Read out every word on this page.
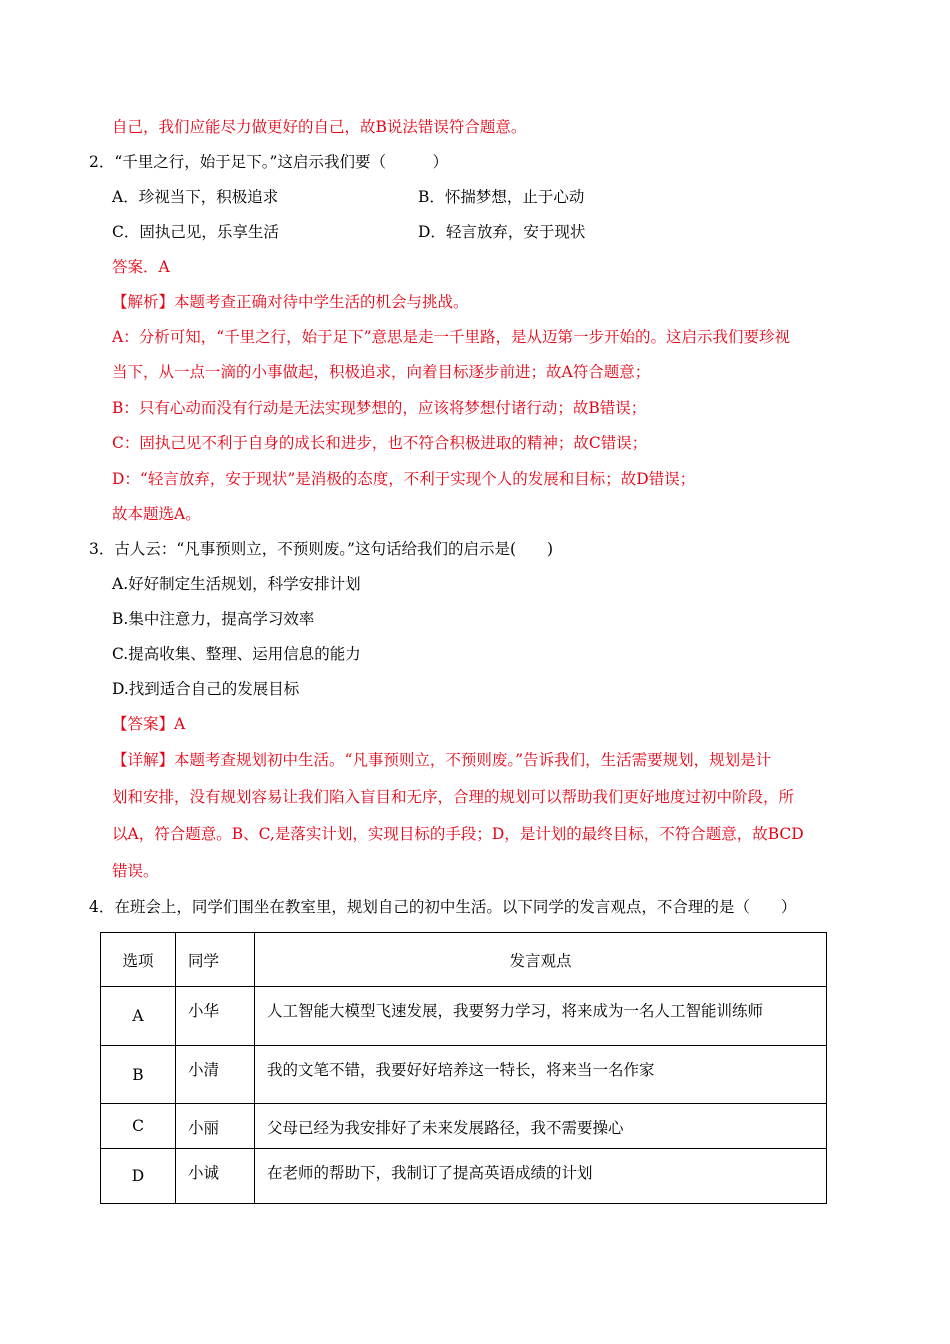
自己，我们应能尽力做更好的自己，故B说法错误符合题意。
2．“千里之行，始于足下。”这启示我们要（　　　）
A．珍视当下，积极追求	B．怀揣梦想，止于心动
C．固执己见，乐享生活	D．轻言放弃，安于现状
答案．A
【解析】本题考查正确对待中学生活的机会与挑战。
A：分析可知，“千里之行，始于足下”意思是走一千里路，是从迈第一步开始的。这启示我们要珍视
当下，从一点一滴的小事做起，积极追求，向着目标逐步前进；故A符合题意；
B：只有心动而没有行动是无法实现梦想的，应该将梦想付诸行动；故B错误；
C：固执己见不利于自身的成长和进步，也不符合积极进取的精神；故C错误；
D：“轻言放弃，安于现状”是消极的态度，不利于实现个人的发展和目标；故D错误；
故本题选A。
3．古人云：“凡事预则立，不预则废。”这句话给我们的启示是(　　)
A.好好制定生活规划，科学安排计划
B.集中注意力，提高学习效率
C.提高收集、整理、运用信息的能力
D.找到适合自己的发展目标
【答案】A
【详解】本题考查规划初中生活。“凡事预则立，不预则废。”告诉我们，生活需要规划，规划是计
划和安排，没有规划容易让我们陷入盲目和无序，合理的规划可以帮助我们更好地度过初中阶段，所
以A，符合题意。B、C,是落实计划，实现目标的手段；D，是计划的最终目标，不符合题意，故BCD
错误。
4．在班会上，同学们围坐在教室里，规划自己的初中生活。以下同学的发言观点，不合理的是（　　）
选项	同学	发言观点
A	小华	人工智能大模型飞速发展，我要努力学习，将来成为一名人工智能训练师
B	小清	我的文笔不错，我要好好培养这一特长，将来当一名作家
C	小丽	父母已经为我安排好了未来发展路径，我不需要操心
D	小诚	在老师的帮助下，我制订了提高英语成绩的计划
